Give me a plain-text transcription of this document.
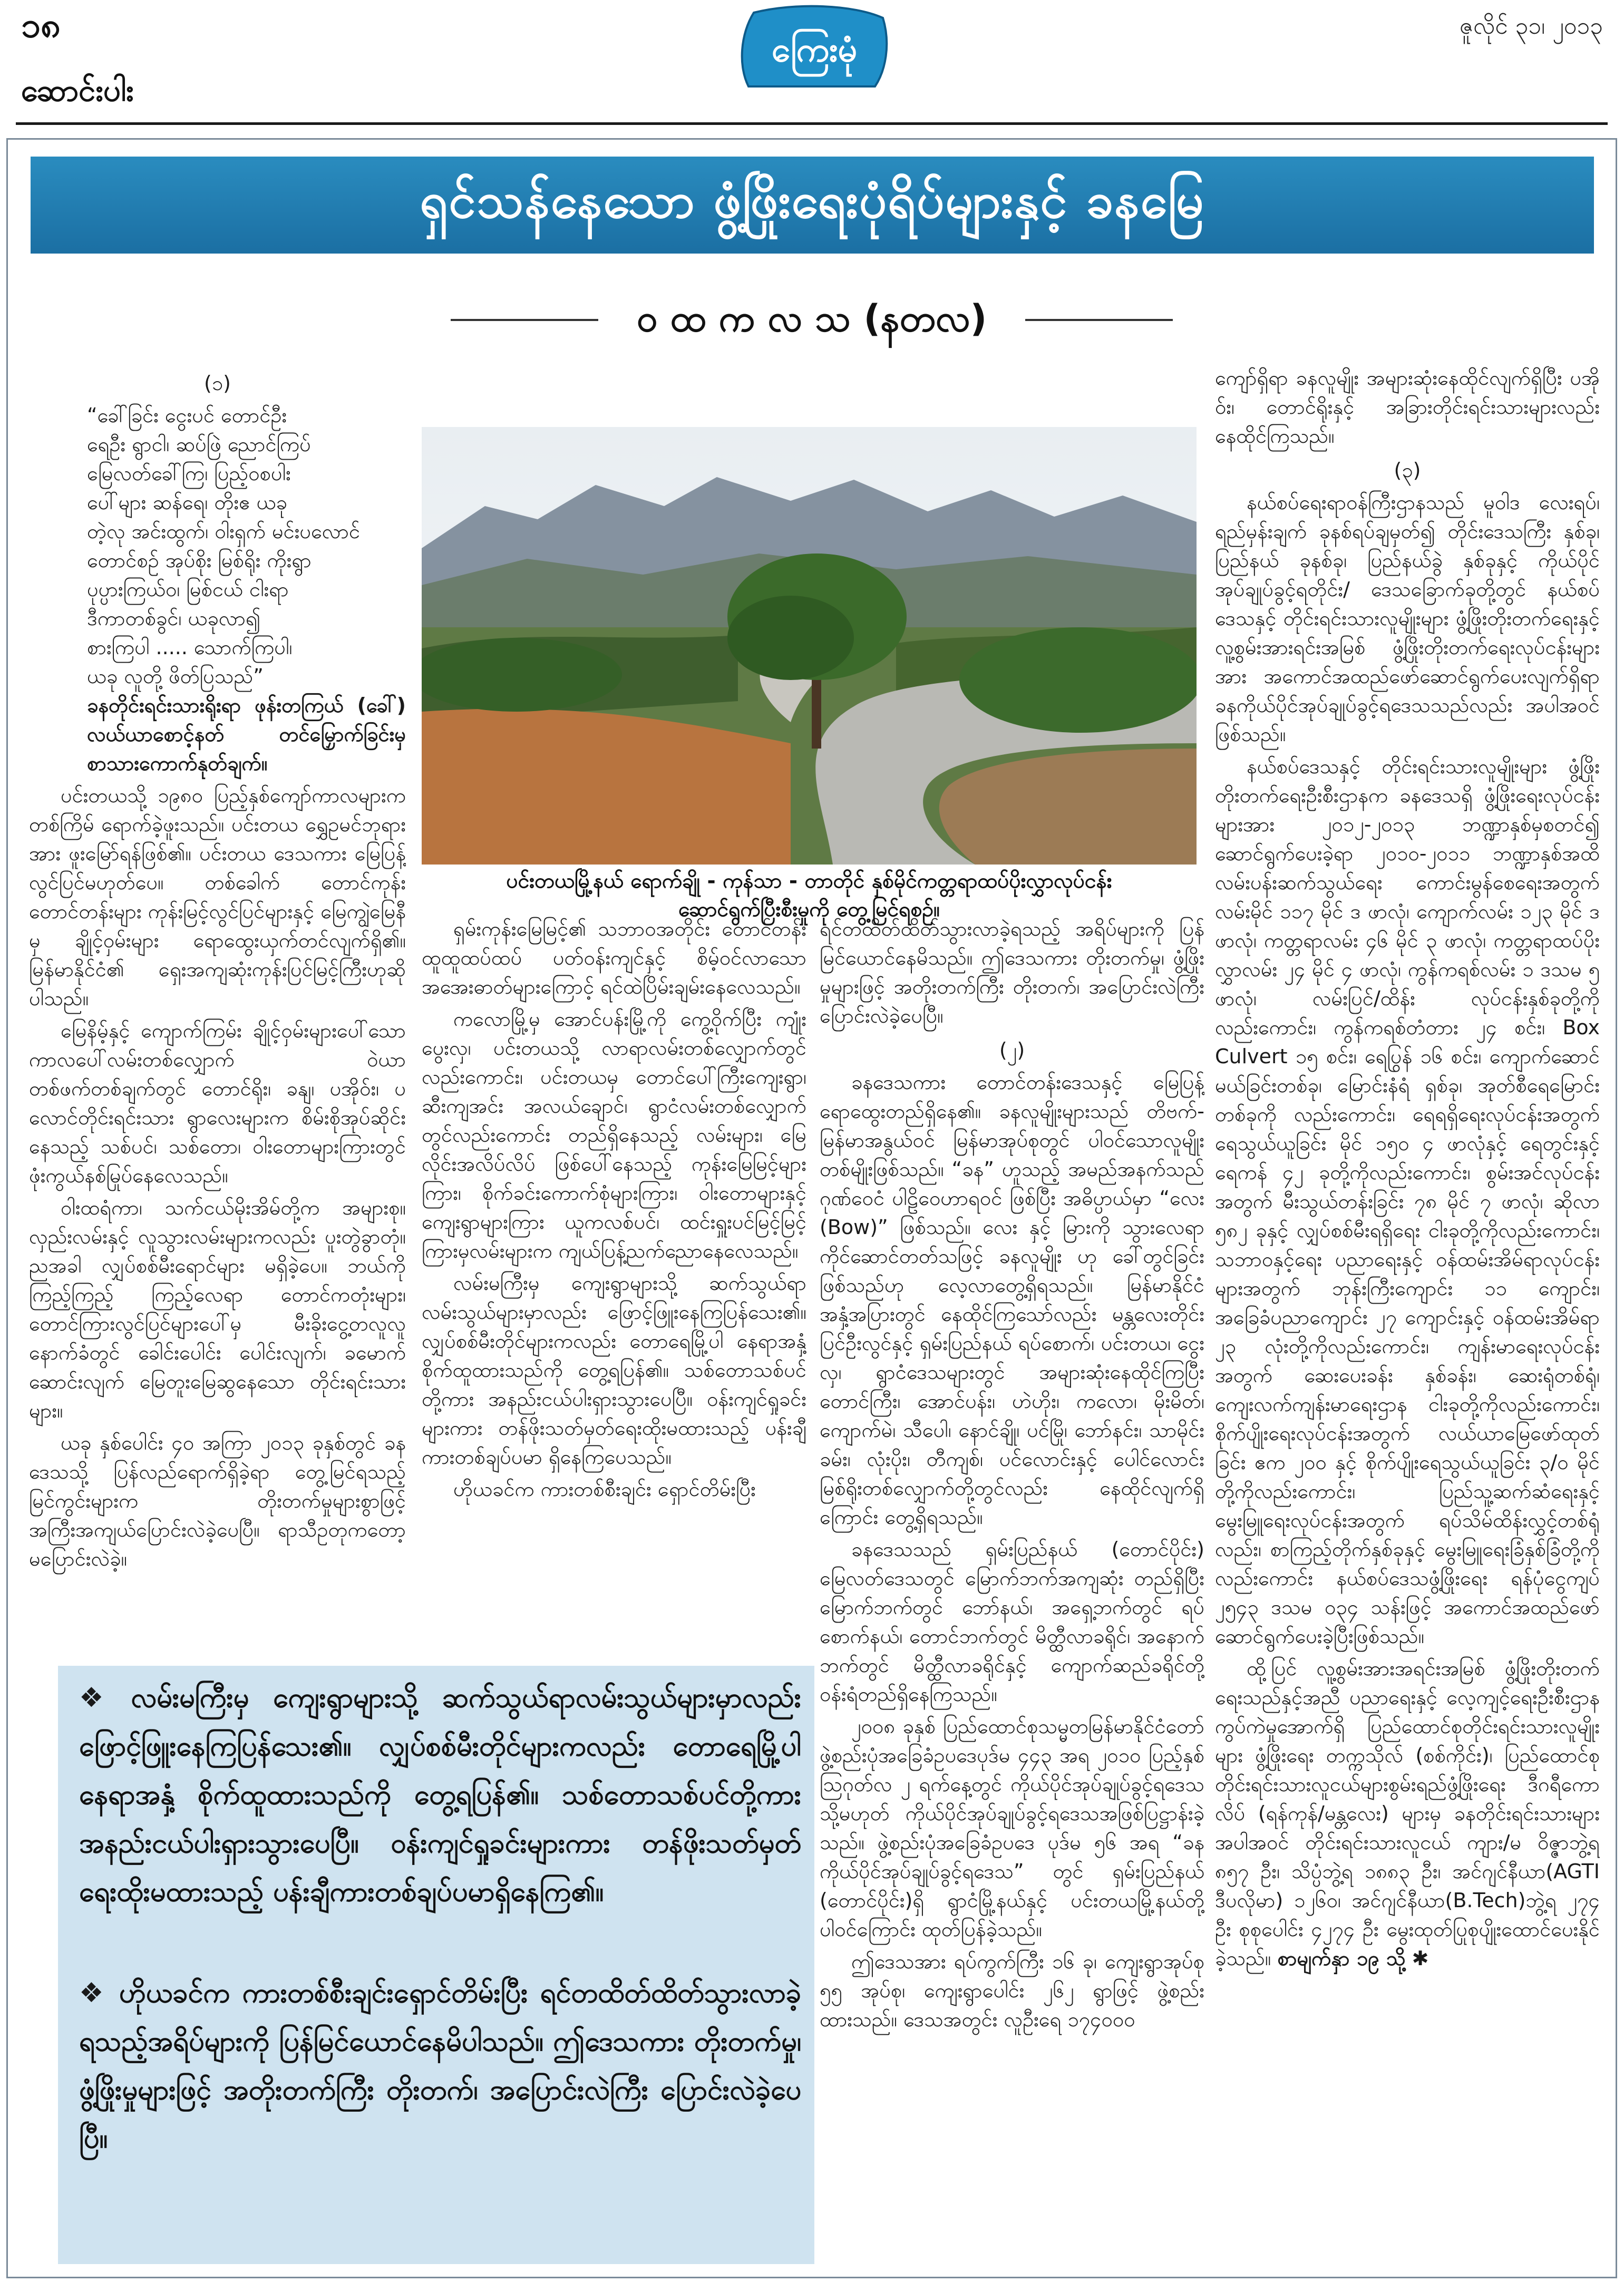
၁၈
ကြေးမုံ
ဇူလိုင် ၃၁၊ ၂၀၁၃
ဆောင်းပါး
ရှင်သန်နေသော ဖွံ့ဖြိုးရေးပုံရိပ်များနှင့် ခနမြေ
ဝ ထ က လ သ (နတလ)

(၁)

“ခေါ်ခြင်း ငွေးပင် တောင်ဦး

ရေဦး ရွာငါ၊ ဆပ်ဖြဲ ညောင်ကြပ်

မြေလတ်ခေါ်ကြ၊ ပြည့်ဝစပါး

ပေါ်များ ဆန်ရေ၊ တိုးဧ ယခု

တဲ့လု အင်းထွက်၊ ဝါးရှက် မင်းပလောင်

တောင်စဉ် အုပ်စိုး မြစ်ရိုး ကိုးရွာ

ပုပ္ပားကြယ်ဝ၊ မြစ်ငယ် ငါးရာ

ဒီကာတစ်ခွင်၊ ယခုလာ၍

စားကြပါ ..... သောက်ကြပါ၊

ယခု လူတို့ ဖိတ်ပြသည်”

ခနတိုင်းရင်းသားရိုးရာ ဖုန်းတကြယ် (ခေါ်) လယ်ယာစောင့်နတ် တင်မြှောက်ခြင်းမှ စာသားကောက်နုတ်ချက်။

ပင်းတယသို့ ၁၉၈၀ ပြည့်နှစ်ကျော်ကာလများက တစ်ကြိမ် ရောက်ခဲ့ဖူးသည်။ ပင်းတယ ရွှေဥမင်ဘုရားအား ဖူးမြော်ရန်ဖြစ်၏။ ပင်းတယ ဒေသကား မြေပြန့်လွင်ပြင်မဟုတ်ပေ။ တစ်ခေါက် တောင်ကုန်းတောင်တန်းများ ကုန်းမြင့်လွင်ပြင်များနှင့် မြေကျွဲမြေနီမှ ချိုင့်ဝှမ်းများ ရောထွေးယှက်တင်လျက်ရှိ၏။ မြန်မာနိုင်ငံ၏ ရှေးအကျဆုံးကုန်းပြင်မြင့်ကြီးဟုဆိုပါသည်။

မြေနိမ့်နှင့် ကျောက်ကြမ်း ချိုင့်ဝှမ်းများပေါ်သော ကာလပေါ်လမ်းတစ်လျှောက် ဝဲယာတစ်ဖက်တစ်ချက်တွင် တောင်ရိုး၊ ခနျ၊ ပအိုဝ်း၊ ပလောင်တိုင်းရင်းသား ရွာလေးများက စိမ်းစိုအုပ်ဆိုင်းနေသည့် သစ်ပင်၊ သစ်တော၊ ဝါးတောများကြားတွင် ဖုံးကွယ်နစ်မြုပ်နေလေသည်။

ဝါးထရံကာ၊ သက်ငယ်မိုးအိမ်တို့က အများစု။ လှည်းလမ်းနှင့် လူသွားလမ်းများကလည်း ပူးတွဲခွာတုံ။ ညအခါ လျှပ်စစ်မီးရောင်များ မရှိခဲ့ပေ။ ဘယ်ကိုကြည့်ကြည့် ကြည့်လေရာ တောင်ကတုံးများ၊ တောင်ကြားလွင်ပြင်များပေါ်မှ မီးခိုးငွေ့တလူလူနောက်ခံတွင် ခေါင်းပေါင်း ပေါင်းလျက်၊ ခမောက်ဆောင်းလျက် မြေတူးမြေဆွနေသော တိုင်းရင်းသားများ။

ယခု နှစ်ပေါင်း ၄၀ အကြာ ၂၀၁၃ ခုနှစ်တွင် ခနဒေသသို့ ပြန်လည်ရောက်ရှိခဲ့ရာ တွေ့မြင်ရသည့်မြင်ကွင်းများက တိုးတက်မှုများစွာဖြင့် အကြီးအကျယ်ပြောင်းလဲခဲ့ပေပြီ။ ရာသီဥတုကတော့ မပြောင်းလဲခဲ့။

ပင်းတယမြို့နယ် ရောက်ချို - ကုန်သာ - တာတိုင် နှစ်မိုင်ကတ္တရာထပ်ပိုးလွှာလုပ်ငန်း
ဆောင်ရွက်ပြီးစီးမှုကို တွေ့မြင်ရစဉ်။

ရှမ်းကုန်းမြေမြင့်၏ သဘာဝအတိုင်း တောင်တန်းထူထူထပ်ထပ် ပတ်ဝန်းကျင်နှင့် စိမ့်ဝင်လာသော အအေးဓာတ်များကြောင့် ရင်ထဲပြိမ်းချမ်းနေလေသည်။

ကလောမြို့မှ အောင်ပန်းမြို့ကို ကွေ့ဝိုက်ပြီး ကျုံးပွေးလှ၊ ပင်းတယသို့ လာရာလမ်းတစ်လျှောက်တွင်လည်းကောင်း၊ ပင်းတယမှ တောင်ပေါ်ကြီးကျေးရွာ၊ ဆီးကျအင်း အလယ်ချောင်၊ ရွာငံလမ်းတစ်လျှောက်တွင်လည်းကောင်း တည်ရှိနေသည့် လမ်းများ၊ မြေလိုင်းအလိပ်လိပ် ဖြစ်ပေါ်နေသည့် ကုန်းမြေမြင့်များကြား၊ စိုက်ခင်းကောက်စုံများကြား၊ ဝါးတောများနှင့် ကျေးရွာများကြား ယူကလစ်ပင်၊ ထင်းရှူးပင်မြင့်မြင့်ကြားမှလမ်းများက ကျယ်ပြန့်ညက်ညောနေလေသည်။

လမ်းမကြီးမှ ကျေးရွာများသို့ ဆက်သွယ်ရာလမ်းသွယ်များမှာလည်း ဖြောင့်ဖြူးနေကြပြန်သေး၏။ လျှပ်စစ်မီးတိုင်များကလည်း တောရေမြို့ပါ နေရာအနှံ့ စိုက်ထူထားသည်ကို တွေ့ရပြန်၏။ သစ်တောသစ်ပင်တို့ကား အနည်းငယ်ပါးရှားသွားပေပြီ။ ဝန်းကျင်ရှုခင်းများကား တန်ဖိုးသတ်မှတ်ရေးထိုးမထားသည့် ပန်းချီကားတစ်ချပ်ပမာ ရှိနေကြပေသည်။

ဟိုယခင်က ကားတစ်စီးချင်း ရှောင်တိမ်းပြီး

ရင်တထိတ်ထိတ်သွားလာခဲ့ရသည့် အရိပ်များကို ပြန်မြင်ယောင်နေမိသည်။ ဤဒေသကား တိုးတက်မှု၊ ဖွံ့ဖြိုးမှုများဖြင့် အတိုးတက်ကြီး တိုးတက်၊ အပြောင်းလဲကြီး ပြောင်းလဲခဲ့ပေပြီ။

(၂)

ခနဒေသကား တောင်တန်းဒေသနှင့် မြေပြန့် ရောထွေးတည်ရှိနေ၏။ ခနလူမျိုးများသည် တိဗက်-မြန်မာအနွယ်ဝင် မြန်မာအုပ်စုတွင် ပါဝင်သောလူမျိုးတစ်မျိုးဖြစ်သည်။ “ခန” ဟူသည့် အမည်အနက်သည် ဂုဏ်ဝေငံ ပါဠိဝေဟာရဝင် ဖြစ်ပြီး အဓိပ္ပာယ်မှာ “လေး (Bow)” ဖြစ်သည်။ လေး နှင့် မြားကို သွားလေရာကိုင်ဆောင်တတ်သဖြင့် ခနလူမျိုး ဟု ခေါ်တွင်ခြင်းဖြစ်သည်ဟု လေ့လာတွေ့ရှိရသည်။ မြန်မာနိုင်ငံအနှံ့အပြားတွင် နေထိုင်ကြသော်လည်း မန္တလေးတိုင်း ပြင်ဦးလွင်နှင့် ရှမ်းပြည်နယ် ရပ်စောက်၊ ပင်းတယ၊ ငွေးလှ၊ ရွာငံဒေသများတွင် အများဆုံးနေထိုင်ကြပြီး တောင်ကြီး၊ အောင်ပန်း၊ ဟဲဟိုး၊ ကလော၊ မိုးမိတ်၊ ကျောက်မဲ၊ သီပေါ၊ နောင်ချို၊ ပင်မြို၊ ဘော်နင်း၊ သာမိုင်းခမ်း၊ လုံးပိုး၊ တီကျစ်၊ ပင်လောင်းနှင့် ပေါင်လောင်းမြစ်ရိုးတစ်လျှောက်တို့တွင်လည်း နေထိုင်လျက်ရှိကြောင်း တွေ့ရှိရသည်။

ခနဒေသသည် ရှမ်းပြည်နယ် (တောင်ပိုင်း) မြေလတ်ဒေသတွင် မြောက်ဘက်အကျဆုံး တည်ရှိပြီး မြောက်ဘက်တွင် ဘော်နယ်၊ အရှေ့ဘက်တွင် ရပ်စောက်နယ်၊ တောင်ဘက်တွင် မိတ္ထီလာခရိုင်၊ အနောက်ဘက်တွင် မိတ္ထီလာခရိုင်နှင့် ကျောက်ဆည်ခရိုင်တို့ ဝန်းရံတည်ရှိနေကြသည်။

၂၀၀၈ ခုနှစ် ပြည်ထောင်စုသမ္မတမြန်မာနိုင်ငံတော်ဖွဲ့စည်းပုံအခြေခံဥပဒေပုဒ်မ ၄၄၃ အရ ၂၀၁၀ ပြည့်နှစ် ဩဂုတ်လ ၂ ရက်နေ့တွင် ကိုယ်ပိုင်အုပ်ချုပ်ခွင့်ရဒေသ သို့မဟုတ် ကိုယ်ပိုင်အုပ်ချုပ်ခွင့်ရဒေသအဖြစ်ပြဋ္ဌာန်းခဲ့သည်။ ဖွဲ့စည်းပုံအခြေခံဥပဒေ ပုဒ်မ ၅၆ အရ “ခနကိုယ်ပိုင်အုပ်ချုပ်ခွင့်ရဒေသ” တွင် ရှမ်းပြည်နယ် (တောင်ပိုင်း)ရှိ ရွာငံမြို့နယ်နှင့် ပင်းတယမြို့နယ်တို့ပါဝင်ကြောင်း ထုတ်ပြန်ခဲ့သည်။

ဤဒေသအား ရပ်ကွက်ကြီး ၁၆ ခု၊ ကျေးရွာအုပ်စု ၅၅ အုပ်စု၊ ကျေးရွာပေါင်း ၂၆၂ ရွာဖြင့် ဖွဲ့စည်းထားသည်။ ဒေသအတွင်း လူဦးရေ ၁၇၄၀၀၀

ကျော်ရှိရာ ခနလူမျိုး အများဆုံးနေထိုင်လျက်ရှိပြီး ပအိုဝ်း၊ တောင်ရိုးနှင့် အခြားတိုင်းရင်းသားများလည်း နေထိုင်ကြသည်။

(၃)

နယ်စပ်ရေးရာဝန်ကြီးဌာနသည် မူဝါဒ လေးရပ်၊ ရည်မှန်းချက် ခုနစ်ရပ်ချမှတ်၍ တိုင်းဒေသကြီး နှစ်ခု၊ ပြည်နယ် ခုနစ်ခု၊ ပြည်နယ်ခွဲ နှစ်ခုနှင့် ကိုယ်ပိုင်အုပ်ချုပ်ခွင့်ရတိုင်း/ ဒေသခြောက်ခုတို့တွင် နယ်စပ်ဒေသနှင့် တိုင်းရင်းသားလူမျိုးများ ဖွံ့ဖြိုးတိုးတက်ရေးနှင့် လူ့စွမ်းအားရင်းအမြစ် ဖွံ့ဖြိုးတိုးတက်ရေးလုပ်ငန်းများအား အကောင်အထည်ဖော်ဆောင်ရွက်ပေးလျက်ရှိရာ ခနကိုယ်ပိုင်အုပ်ချုပ်ခွင့်ရဒေသသည်လည်း အပါအဝင်ဖြစ်သည်။

နယ်စပ်ဒေသနှင့် တိုင်းရင်းသားလူမျိုးများ ဖွံ့ဖြိုးတိုးတက်ရေးဦးစီးဌာနက ခနဒေသရှိ ဖွံ့ဖြိုးရေးလုပ်ငန်းများအား ၂၀၁၂-၂၀၁၃ ဘဏ္ဍာနှစ်မှစတင်၍ ဆောင်ရွက်ပေးခဲ့ရာ ၂၀၁၀-၂၀၁၁ ဘဏ္ဍာနှစ်အထိ လမ်းပန်းဆက်သွယ်ရေး ကောင်းမွန်စေရေးအတွက် လမ်းမိုင် ၁၁၇ မိုင် ဒ ဖာလုံ၊ ကျောက်လမ်း ၁၂၃ မိုင် ဒ ဖာလုံ၊ ကတ္တရာလမ်း ၄၆ မိုင် ၃ ဖာလုံ၊ ကတ္တရာထပ်ပိုးလွှာလမ်း ၂၄ မိုင် ၄ ဖာလုံ၊ ကွန်ကရစ်လမ်း ၁ ဒသမ ၅ ဖာလုံ၊ လမ်းပြင်/ထိန်း လုပ်ငန်းနှစ်ခုတို့ကို လည်းကောင်း၊ ကွန်ကရစ်တံတား ၂၄ စင်း၊ Box Culvert ၁၅ စင်း၊ ရေပြွန် ၁၆ စင်း၊ ကျောက်ဆောင်မယ်ခြင်းတစ်ခု၊ မြောင်းနံရံ ရှစ်ခု၊ အုတ်စီရေမြောင်း တစ်ခုကို လည်းကောင်း၊ ရေရရှိရေးလုပ်ငန်းအတွက် ရေသွယ်ယူခြင်း မိုင် ၁၅၀ ၄ ဖာလုံနှင့် ရေတွင်းနှင့်ရေကန် ၄၂ ခုတို့ကိုလည်းကောင်း၊ စွမ်းအင်လုပ်ငန်းအတွက် မီးသွယ်တန်းခြင်း ၇၈ မိုင် ၇ ဖာလုံ၊ ဆိုလာ ၅၈၂ ခုနှင့် လျှပ်စစ်မီးရရှိရေး ငါးခုတို့ကိုလည်းကောင်း၊ သဘာဝနှင့်ရေး ပညာရေးနှင့် ဝန်ထမ်းအိမ်ရာလုပ်ငန်းများအတွက် ဘုန်းကြီးကျောင်း ၁၁ ကျောင်း၊ အခြေခံပညာကျောင်း ၂၇ ကျောင်းနှင့် ဝန်ထမ်းအိမ်ရာ ၂၃ လုံးတို့ကိုလည်းကောင်း၊ ကျန်းမာရေးလုပ်ငန်းအတွက် ဆေးပေးခန်း နှစ်ခန်း၊ ဆေးရုံတစ်ရုံ၊ ကျေးလက်ကျန်းမာရေးဌာန ငါးခုတို့ကိုလည်းကောင်း၊ စိုက်ပျိုးရေးလုပ်ငန်းအတွက် လယ်ယာမြေဖော်ထုတ်ခြင်း ဧက ၂၀၀ နှင့် စိုက်ပျိုးရေသွယ်ယူခြင်း ၃/၀ မိုင်တို့ကိုလည်းကောင်း၊ ပြည်သူ့ဆက်ဆံရေးနှင့် မွေးမြူရေးလုပ်ငန်းအတွက် ရပ်သိမ်ထိန်းလွှင့်တစ်ရုံလည်း၊ စာကြည့်တိုက်နှစ်ခုနှင့် မွေးမြူရေးခြံနှစ်ခြံတို့ကို လည်းကောင်း နယ်စပ်ဒေသဖွံ့ဖြိုးရေး ရန်ပုံငွေကျပ် ၂၅၄၃ ဒသမ ၀၃၄ သန်းဖြင့် အကောင်အထည်ဖော်ဆောင်ရွက်ပေးခဲ့ပြီးဖြစ်သည်။

ထို့ပြင် လူ့စွမ်းအားအရင်းအမြစ် ဖွံ့ဖြိုးတိုးတက်ရေးသည်နှင့်အညီ ပညာရေးနှင့် လေ့ကျင့်ရေးဦးစီးဌာန ကွပ်ကဲမှုအောက်ရှိ ပြည်ထောင်စုတိုင်းရင်းသားလူမျိုးများ ဖွံ့ဖြိုးရေး တက္ကသိုလ် (စစ်ကိုင်း)၊ ပြည်ထောင်စုတိုင်းရင်းသားလူငယ်များစွမ်းရည်ဖွံ့ဖြိုးရေး ဒီဂရီကောလိပ် (ရန်ကုန်/မန္တလေး) များမှ ခနတိုင်းရင်းသားများ အပါအဝင် တိုင်းရင်းသားလူငယ် ကျား/မ ဝိဇ္ဇာဘွဲ့ရ ၈၅၇ ဦး၊ သိပ္ပံဘွဲ့ရ ၁၈၈၃ ဦး၊ အင်ဂျင်နီယာ(AGTI ဒီပလိုမာ) ၁၂၆၀၊ အင်ဂျင်နီယာ(B.Tech)ဘွဲ့ရ ၂၇၄ ဦး စုစုပေါင်း ၄၂၇၄ ဦး မွေးထုတ်ပြုစုပျိုးထောင်ပေးနိုင်ခဲ့သည်။ စာမျက်နှာ ၁၉ သို့ ✱

❖ လမ်းမကြီးမှ ကျေးရွာများသို့ ဆက်သွယ်ရာလမ်းသွယ်များမှာလည်း ဖြောင့်ဖြူးနေကြပြန်သေး၏။ လျှပ်စစ်မီးတိုင်များကလည်း တောရေမြို့ပါ နေရာအနှံ့ စိုက်ထူထားသည်ကို တွေ့ရပြန်၏။ သစ်တောသစ်ပင်တို့ကား အနည်းငယ်ပါးရှားသွားပေပြီ။ ဝန်းကျင်ရှုခင်းများကား တန်ဖိုးသတ်မှတ်ရေးထိုးမထားသည့် ပန်းချီကားတစ်ချပ်ပမာရှိနေကြ၏။
❖ ဟိုယခင်က ကားတစ်စီးချင်းရှောင်တိမ်းပြီး ရင်တထိတ်ထိတ်သွားလာခဲ့ရသည့်အရိပ်များကို ပြန်မြင်ယောင်နေမိပါသည်။ ဤဒေသကား တိုးတက်မှု၊ ဖွံ့ဖြိုးမှုများဖြင့် အတိုးတက်ကြီး တိုးတက်၊ အပြောင်းလဲကြီး ပြောင်းလဲခဲ့ပေပြီ။
